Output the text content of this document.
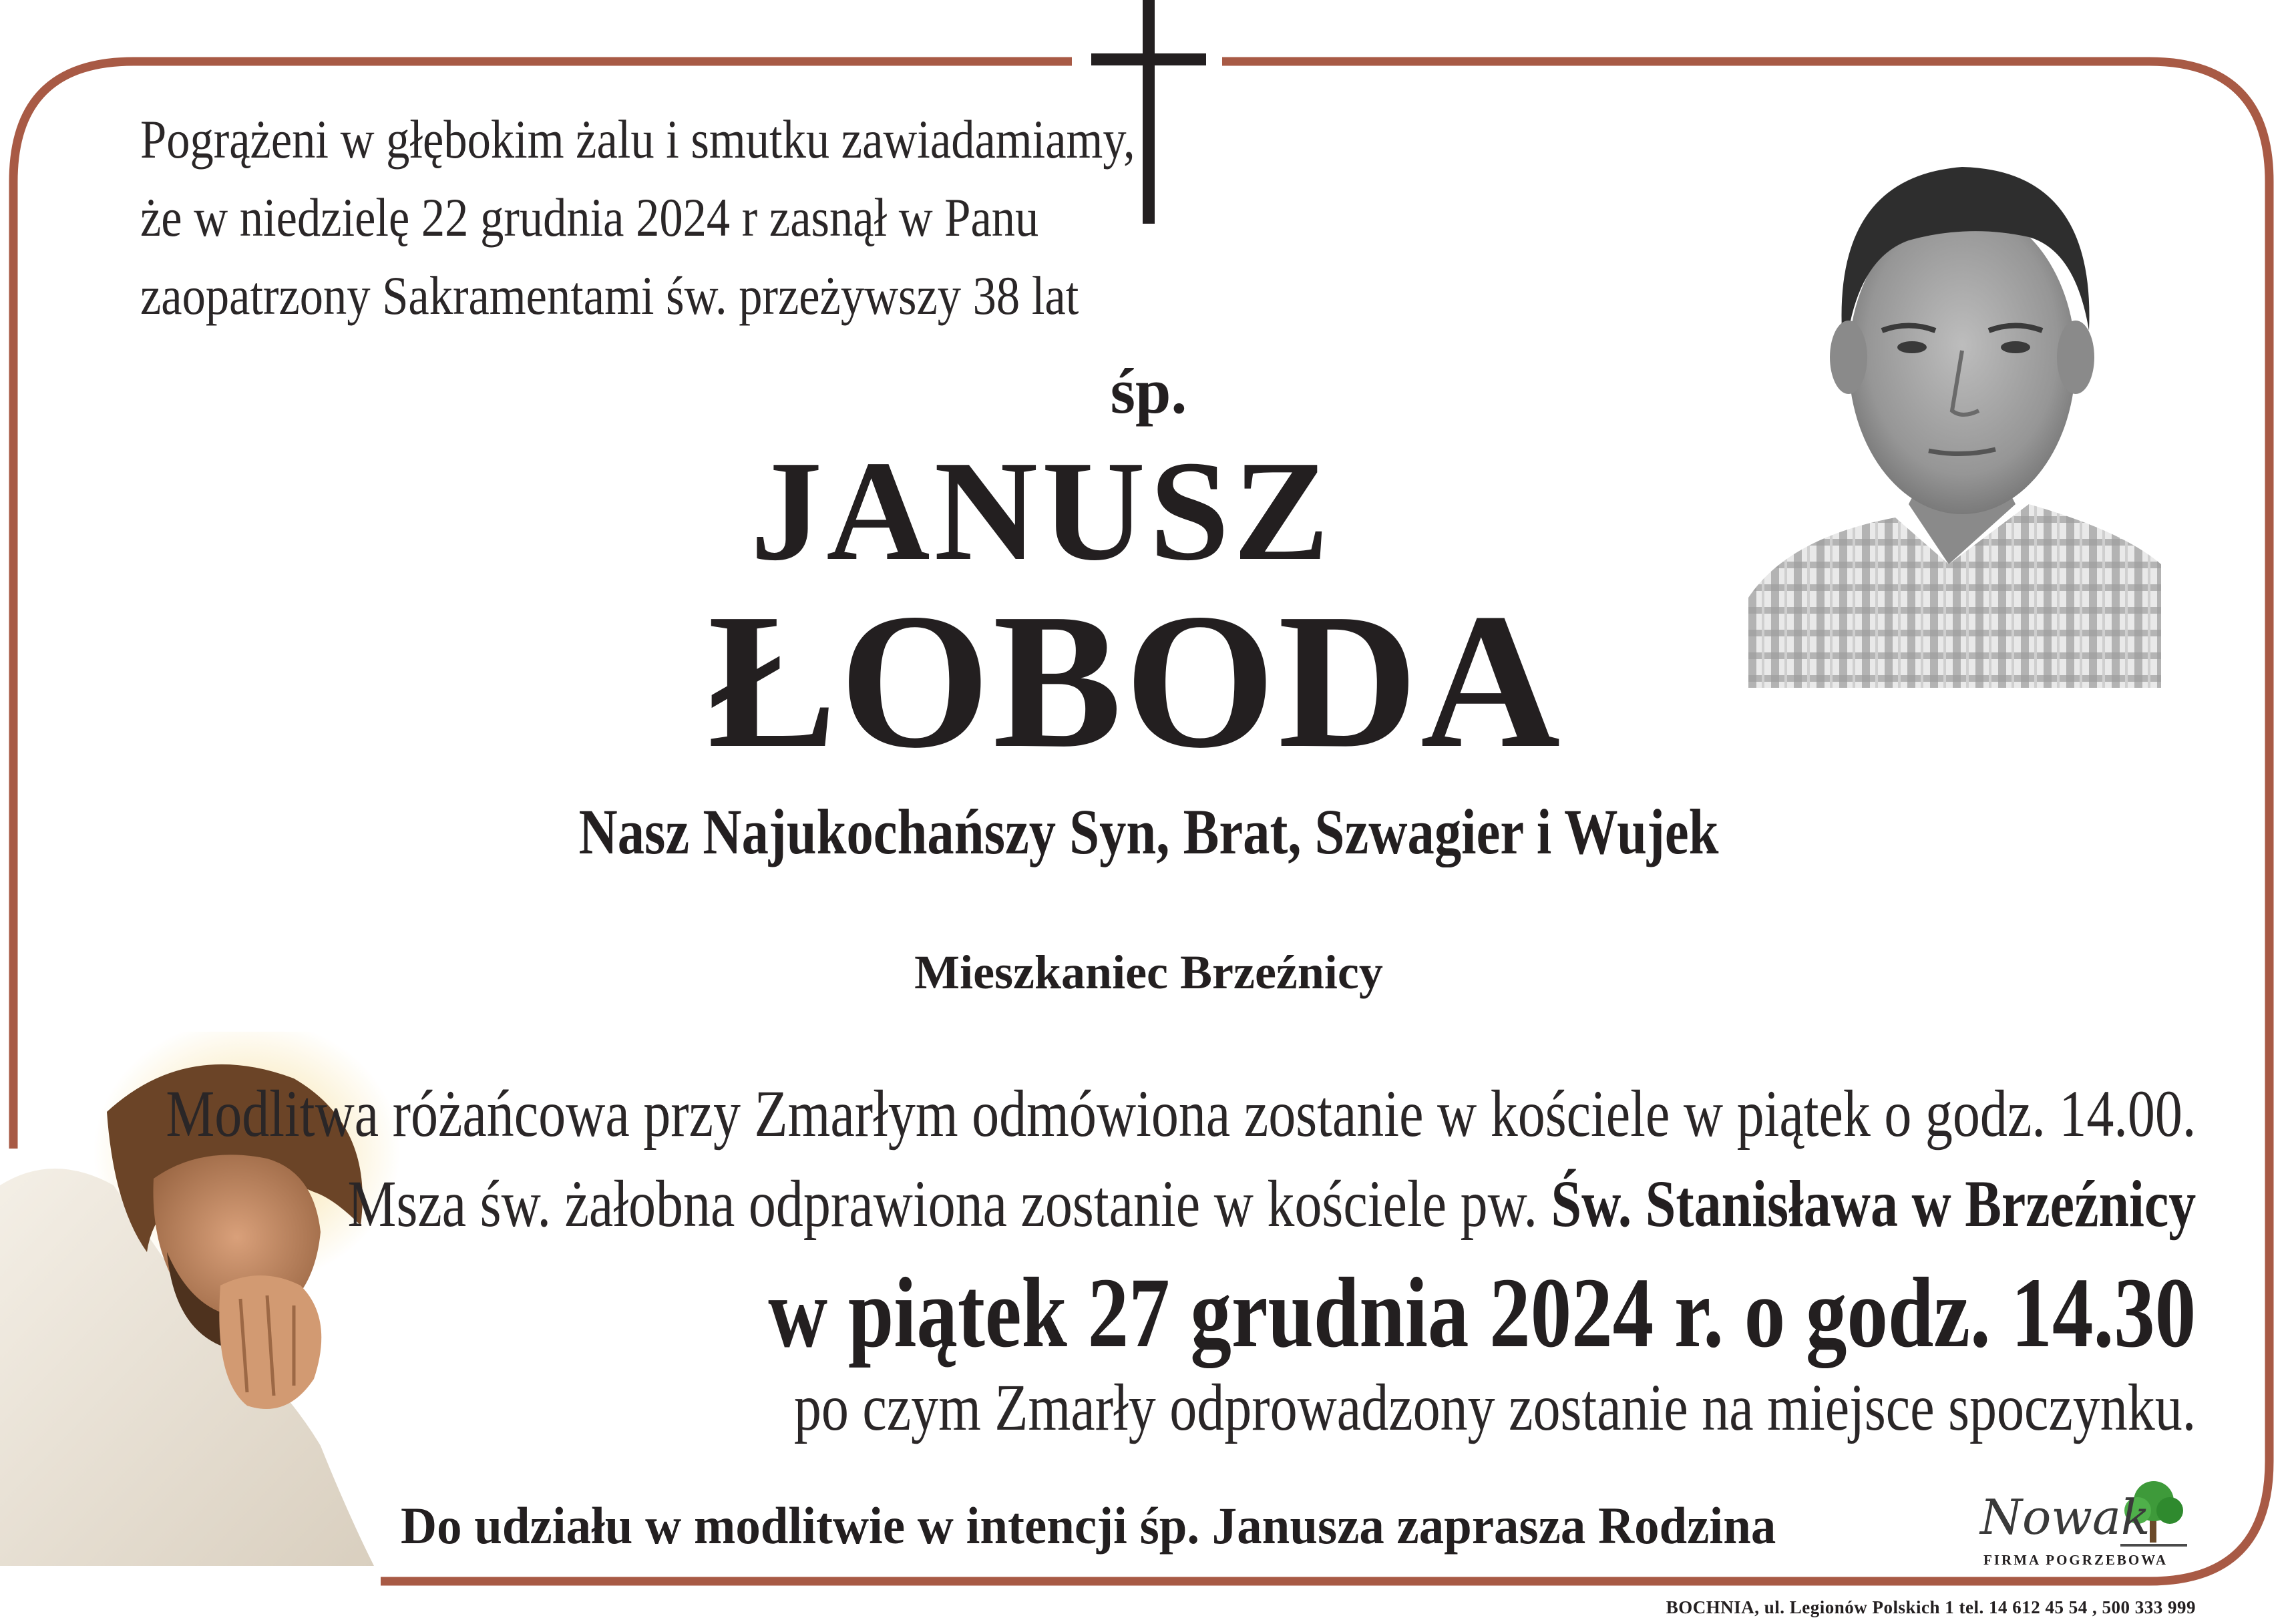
Pogrążeni w głębokim żalu i smutku zawiadamiamy,
że w niedzielę 22 grudnia 2024 r zasnął w Panu
zaopatrzony Sakramentami św. przeżywszy 38 lat
śp.
JANUSZ
ŁOBODA
Nasz Najukochańszy Syn, Brat, Szwagier i Wujek
Mieszkaniec Brzeźnicy
Modlitwa różańcowa przy Zmarłym odmówiona zostanie w kościele w piątek o godz. 14.00.
Msza św. żałobna odprawiona zostanie w kościele pw. Św. Stanisława w Brzeźnicy
w piątek 27 grudnia 2024 r. o godz. 14.30
po czym Zmarły odprowadzony zostanie na miejsce spoczynku.
Do udziału w modlitwie w intencji śp. Janusza zaprasza Rodzina	Nowak
FIRMA POGRZEBOWA
BOCHNIA, ul. Legionów Polskich 1 tel. 14 612 45 54 , 500 333 999
